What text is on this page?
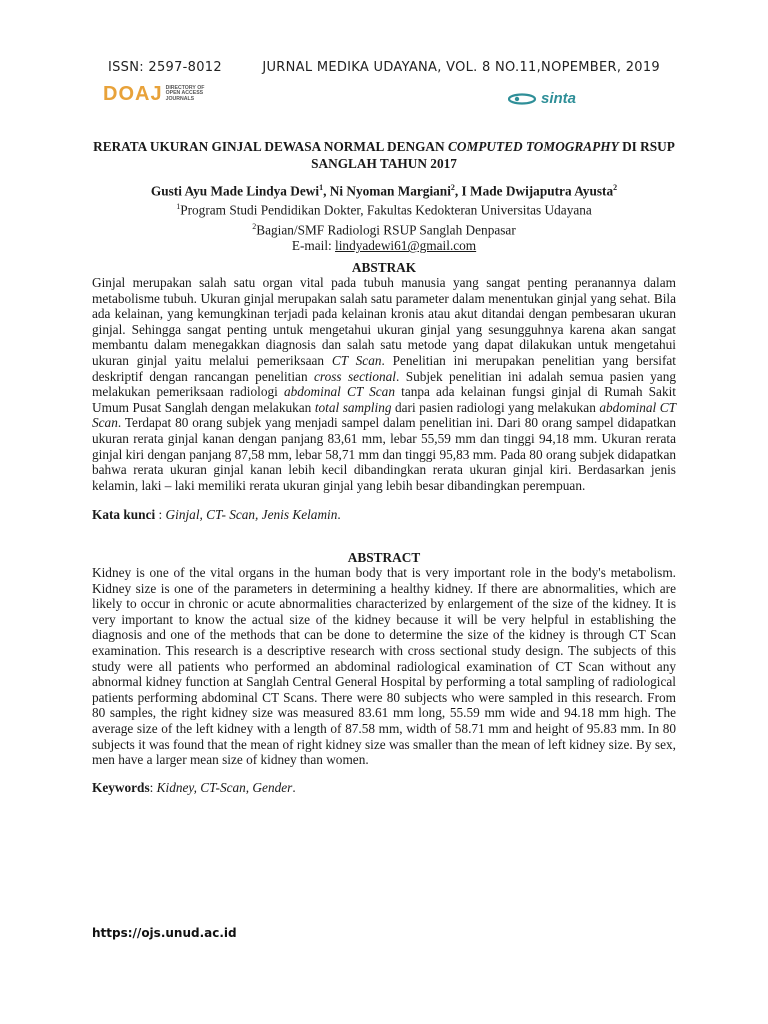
ISSN: 2597-8012	JURNAL MEDIKA UDAYANA, VOL. 8 NO.11,NOPEMBER, 2019
DOAJ DIRECTORY OF
OPEN ACCESS
JOURNALS	sinta
RERATA UKURAN GINJAL DEWASA NORMAL DENGAN COMPUTED TOMOGRAPHY DI RSUP SANGLAH TAHUN 2017
Gusti Ayu Made Lindya Dewi$^1$, Ni Nyoman Margiani$^2$, I Made Dwijaputra Ayusta$^2$
$^1$Program Studi Pendidikan Dokter, Fakultas Kedokteran Universitas Udayana
$^2$Bagian/SMF Radiologi RSUP Sanglah Denpasar
E-mail: lindyadewi61@gmail.com
ABSTRAK

Ginjal merupakan salah satu organ vital pada tubuh manusia yang sangat penting peranannya dalam metabolisme tubuh. Ukuran ginjal merupakan salah satu parameter dalam menentukan ginjal yang sehat. Bila ada kelainan, yang kemungkinan terjadi pada kelainan kronis atau akut ditandai dengan pembesaran ukuran ginjal. Sehingga sangat penting untuk mengetahui ukuran ginjal yang sesungguhnya karena akan sangat membantu dalam menegakkan diagnosis dan salah satu metode yang dapat dilakukan untuk mengetahui ukuran ginjal yaitu melalui pemeriksaan CT Scan. Penelitian ini merupakan penelitian yang bersifat deskriptif dengan rancangan penelitian cross sectional. Subjek penelitian ini adalah semua pasien yang melakukan pemeriksaan radiologi abdominal CT Scan tanpa ada kelainan fungsi ginjal di Rumah Sakit Umum Pusat Sanglah dengan melakukan total sampling dari pasien radiologi yang melakukan abdominal CT Scan. Terdapat 80 orang subjek yang menjadi sampel dalam penelitian ini. Dari 80 orang sampel didapatkan ukuran rerata ginjal kanan dengan panjang 83,61 mm, lebar 55,59 mm dan tinggi 94,18 mm. Ukuran rerata ginjal kiri dengan panjang 87,58 mm, lebar 58,71 mm dan tinggi 95,83 mm. Pada 80 orang subjek didapatkan bahwa rerata ukuran ginjal kanan lebih kecil dibandingkan rerata ukuran ginjal kiri. Berdasarkan jenis kelamin, laki – laki memiliki rerata ukuran ginjal yang lebih besar dibandingkan perempuan.

Kata kunci : Ginjal, CT- Scan, Jenis Kelamin.
ABSTRACT

Kidney is one of the vital organs in the human body that is very important role in the body's metabolism. Kidney size is one of the parameters in determining a healthy kidney. If there are abnormalities, which are likely to occur in chronic or acute abnormalities characterized by enlargement of the size of the kidney. It is very important to know the actual size of the kidney because it will be very helpful in establishing the diagnosis and one of the methods that can be done to determine the size of the kidney is through CT Scan examination. This research is a descriptive research with cross sectional study design. The subjects of this study were all patients who performed an abdominal radiological examination of CT Scan without any abnormal kidney function at Sanglah Central General Hospital by performing a total sampling of radiological patients performing abdominal CT Scans. There were 80 subjects who were sampled in this research. From 80 samples, the right kidney size was measured 83.61 mm long, 55.59 mm wide and 94.18 mm high. The average size of the left kidney with a length of 87.58 mm, width of 58.71 mm and height of 95.83 mm. In 80 subjects it was found that the mean of right kidney size was smaller than the mean of left kidney size. By sex, men have a larger mean size of kidney than women.

Keywords: Kidney, CT-Scan, Gender.
https://ojs.unud.ac.id
